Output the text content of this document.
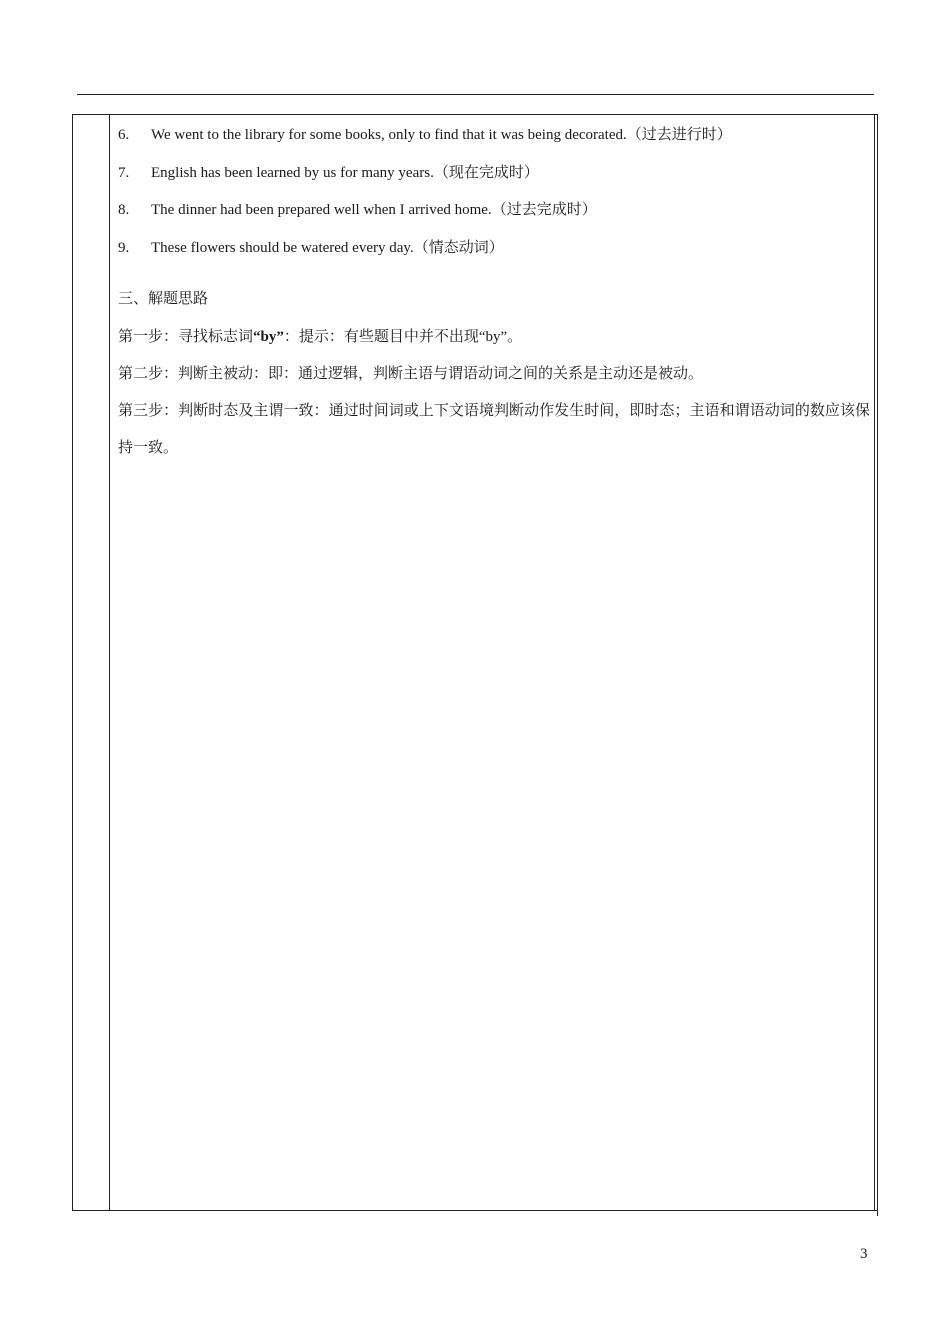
6. We went to the library for some books, only to find that it was being decorated.（过去进行时）
7. English has been learned by us for many years.（现在完成时）
8. The dinner had been prepared well when I arrived home.（过去完成时）
9. These flowers should be watered every day.（情态动词）
三、解题思路
第一步：寻找标志词“by”：提示：有些题目中并不出现“by”。
第二步：判断主被动：即：通过逻辑，判断主语与谓语动词之间的关系是主动还是被动。
第三步：判断时态及主谓一致：通过时间词或上下文语境判断动作发生时间，即时态；主语和谓语动词的数应该保持一致。
3
